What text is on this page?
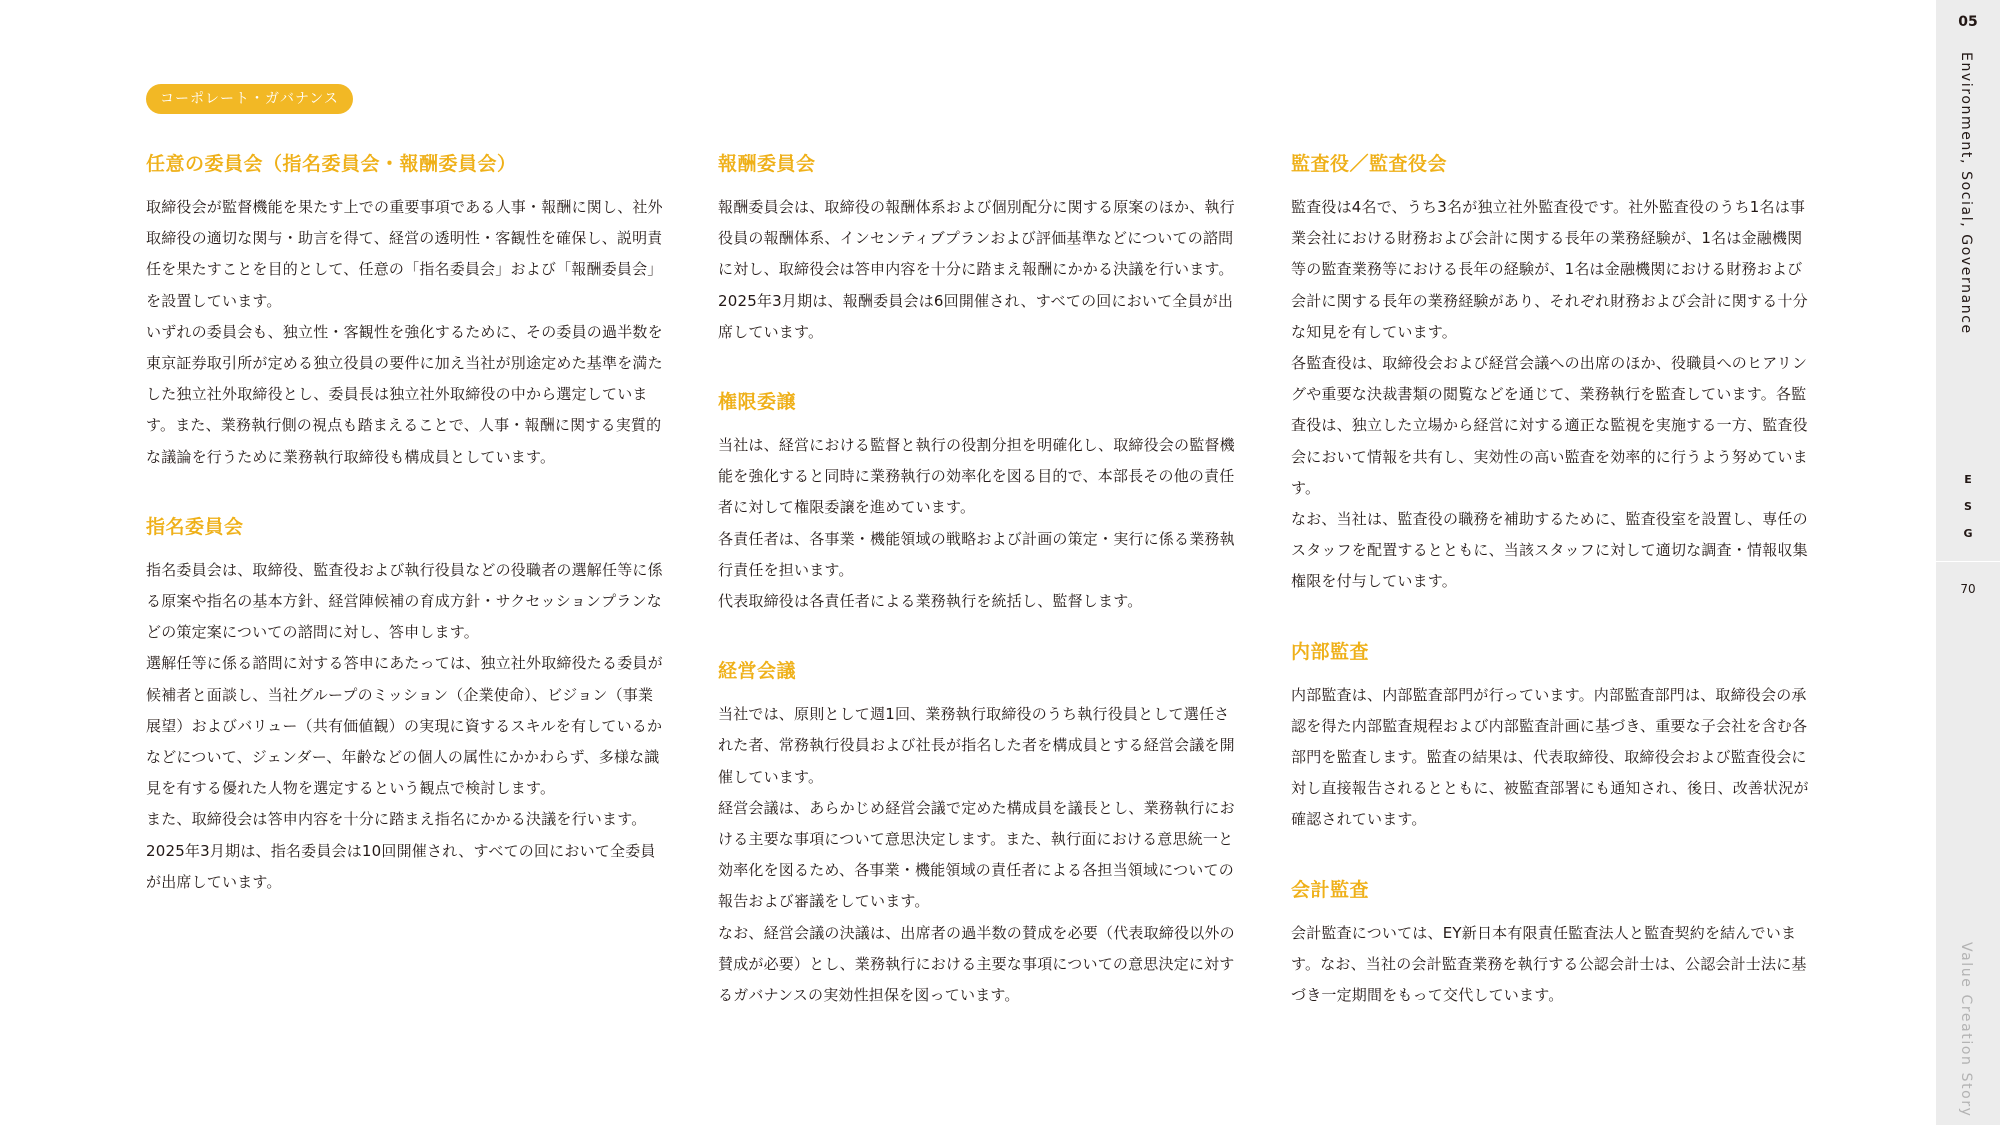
コーポレート・ガバナンス
任意の委員会（指名委員会・報酬委員会）

取締役会が監督機能を果たす上での重要事項である人事・報酬に関し、社外取締役の適切な関与・助言を得て、経営の透明性・客観性を確保し、説明責任を果たすことを目的として、任意の「指名委員会」および「報酬委員会」を設置しています。

いずれの委員会も、独立性・客観性を強化するために、その委員の過半数を東京証券取引所が定める独立役員の要件に加え当社が別途定めた基準を満たした独立社外取締役とし、委員長は独立社外取締役の中から選定しています。また、業務執行側の視点も踏まえることで、人事・報酬に関する実質的な議論を行うために業務執行取締役も構成員としています。

指名委員会

指名委員会は、取締役、監査役および執行役員などの役職者の選解任等に係る原案や指名の基本方針、経営陣候補の育成方針・サクセッションプランなどの策定案についての諮問に対し、答申します。

選解任等に係る諮問に対する答申にあたっては、独立社外取締役たる委員が候補者と面談し、当社グループのミッション（企業使命）、ビジョン（事業展望）およびバリュー（共有価値観）の実現に資するスキルを有しているかなどについて、ジェンダー、年齢などの個人の属性にかかわらず、多様な識見を有する優れた人物を選定するという観点で検討します。

また、取締役会は答申内容を十分に踏まえ指名にかかる決議を行います。

2025年3月期は、指名委員会は10回開催され、すべての回において全委員が出席しています。

報酬委員会

報酬委員会は、取締役の報酬体系および個別配分に関する原案のほか、執行役員の報酬体系、インセンティブプランおよび評価基準などについての諮問に対し、取締役会は答申内容を十分に踏まえ報酬にかかる決議を行います。

2025年3月期は、報酬委員会は6回開催され、すべての回において全員が出席しています。

権限委譲

当社は、経営における監督と執行の役割分担を明確化し、取締役会の監督機能を強化すると同時に業務執行の効率化を図る目的で、本部長その他の責任者に対して権限委譲を進めています。

各責任者は、各事業・機能領域の戦略および計画の策定・実行に係る業務執行責任を担います。

代表取締役は各責任者による業務執行を統括し、監督します。

経営会議

当社では、原則として週1回、業務執行取締役のうち執行役員として選任された者、常務執行役員および社長が指名した者を構成員とする経営会議を開催しています。

経営会議は、あらかじめ経営会議で定めた構成員を議長とし、業務執行における主要な事項について意思決定します。また、執行面における意思統一と効率化を図るため、各事業・機能領域の責任者による各担当領域についての報告および審議をしています。

なお、経営会議の決議は、出席者の過半数の賛成を必要（代表取締役以外の賛成が必要）とし、業務執行における主要な事項についての意思決定に対するガバナンスの実効性担保を図っています。

監査役／監査役会

監査役は4名で、うち3名が独立社外監査役です。社外監査役のうち1名は事業会社における財務および会計に関する長年の業務経験が、1名は金融機関等の監査業務等における長年の経験が、1名は金融機関における財務および会計に関する長年の業務経験があり、それぞれ財務および会計に関する十分な知見を有しています。

各監査役は、取締役会および経営会議への出席のほか、役職員へのヒアリングや重要な決裁書類の閲覧などを通じて、業務執行を監査しています。各監査役は、独立した立場から経営に対する適正な監視を実施する一方、監査役会において情報を共有し、実効性の高い監査を効率的に行うよう努めています。

なお、当社は、監査役の職務を補助するために、監査役室を設置し、専任のスタッフを配置するとともに、当該スタッフに対して適切な調査・情報収集権限を付与しています。

内部監査

内部監査は、内部監査部門が行っています。内部監査部門は、取締役会の承認を得た内部監査規程および内部監査計画に基づき、重要な子会社を含む各部門を監査します。監査の結果は、代表取締役、取締役会および監査役会に対し直接報告されるとともに、被監査部署にも通知され、後日、改善状況が確認されています。

会計監査

会計監査については、EY新日本有限責任監査法人と監査契約を結んでいます。なお、当社の会計監査業務を執行する公認会計士は、公認会計士法に基づき一定期間をもって交代しています。

05
Environment, Social, Governance
E
S
G
70
Value Creation Story
